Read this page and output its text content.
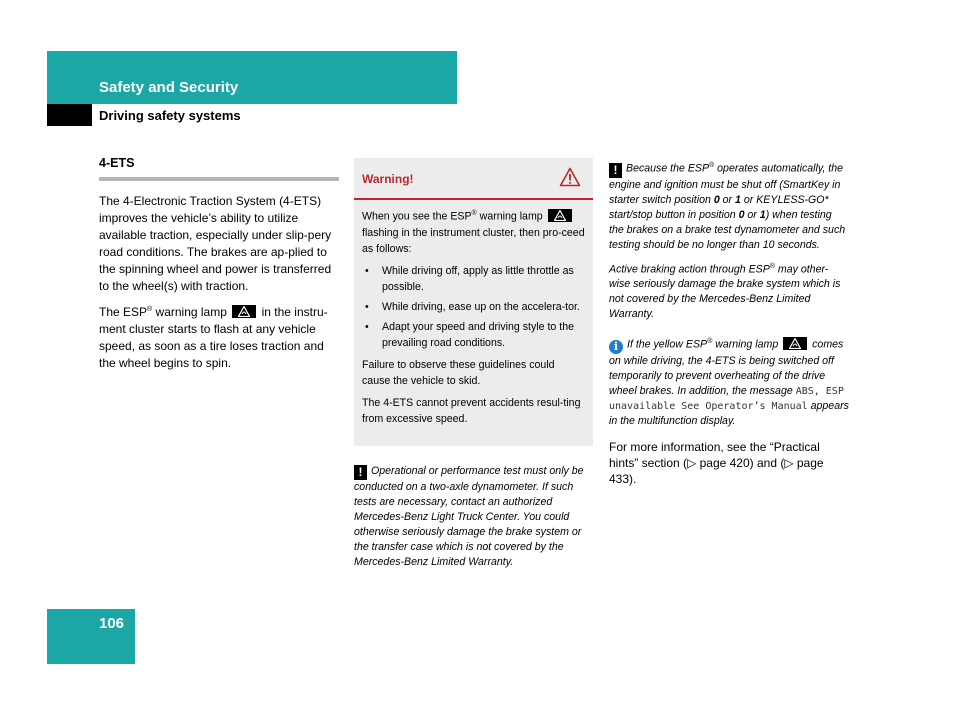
Safety and Security
Driving safety systems
4-ETS

The 4-Electronic Traction System (4-ETS) improves the vehicle’s ability to utilize available traction, especially under slip-pery road conditions. The brakes are ap-plied to the spinning wheel and power is transferred to the wheel(s) with traction.

The ESP® warning lamp	in the instru-ment cluster starts to flash at any vehicle speed, as soon as a tire loses traction and the wheel begins to spin.

Warning!

When you see the ESP® warning lamp
flashing in the instrument cluster, then pro-ceed as follows:

• While driving off, apply as little throttle as possible.
• While driving, ease up on the accelera-tor.
• Adapt your speed and driving style to the prevailing road conditions.

Failure to observe these guidelines could cause the vehicle to skid.

The 4-ETS cannot prevent accidents resul-ting from excessive speed.

! Operational or performance test must only be conducted on a two-axle dynamometer. If such tests are necessary, contact an authorized Mercedes-Benz Light Truck Center. You could otherwise seriously damage the brake system or the transfer case which is not covered by the Mercedes-Benz Limited Warranty.

! Because the ESP® operates automatically, the engine and ignition must be shut off (SmartKey in starter switch position 0 or 1 or KEYLESS-GO* start/stop button in position 0 or 1) when testing the brakes on a brake test dynamometer and such testing should be no longer than 10 seconds.

Active braking action through ESP® may other-wise seriously damage the brake system which is not covered by the Mercedes-Benz Limited Warranty.

i If the yellow ESP® warning lamp	comes on while driving, the 4-ETS is being switched off temporarily to prevent overheating of the drive wheel brakes. In addition, the message ABS, ESP unavailable See Operator’s Manual appears in the multifunction display.

For more information, see the “Practical hints” section (▷ page 420) and (▷ page 433).
106
